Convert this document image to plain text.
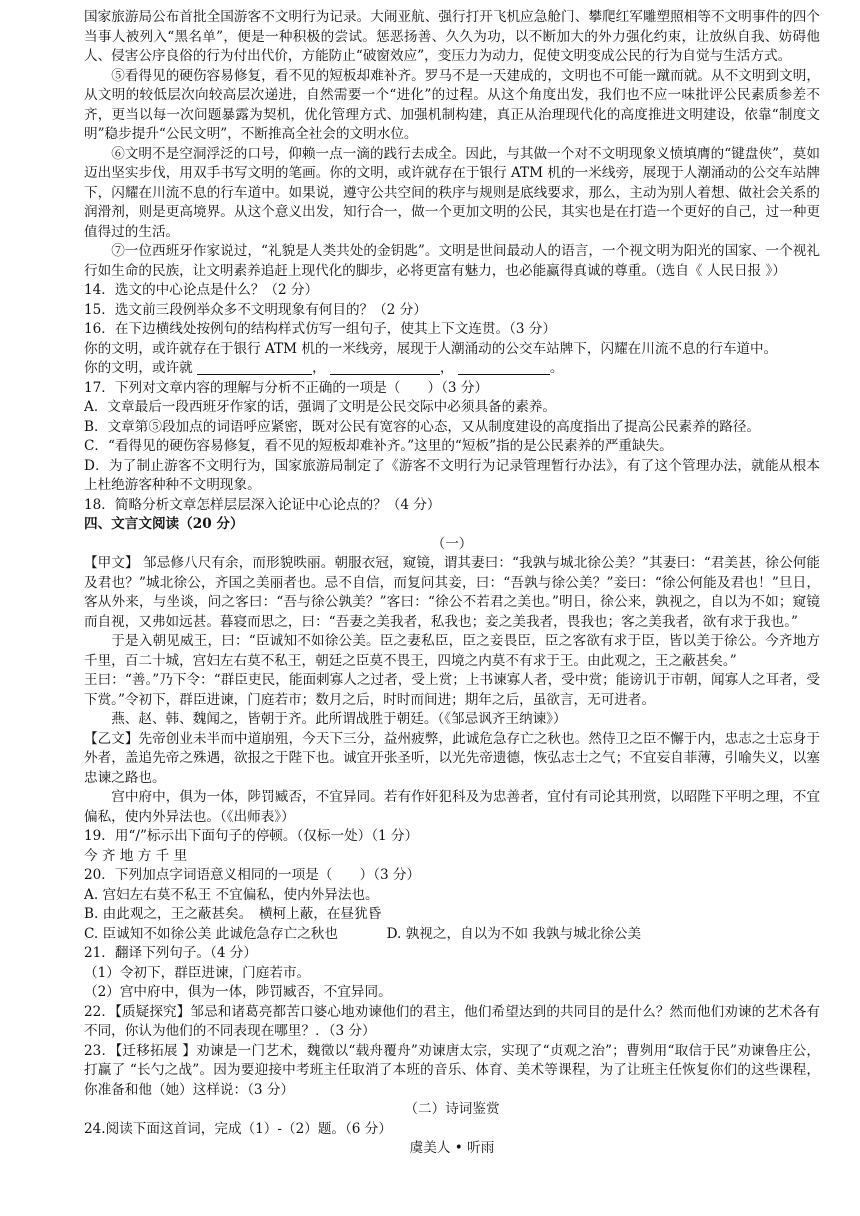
国家旅游局公布首批全国游客不文明行为记录。大闹亚航、强行打开飞机应急舱门、攀爬红军雕塑照相等不文明事件的四个当事人被列入“黑名单”，便是一种积极的尝试。惩恶扬善、久久为功，以不断加大的外力强化约束，让放纵自我、妨碍他人、侵害公序良俗的行为付出代价，方能防止“破窗效应”，变压力为动力，促使文明变成公民的行为自觉与生活方式。

⑤看得见的硬伤容易修复，看不见的短板却难补齐。罗马不是一天建成的，文明也不可能一蹴而就。从不文明到文明，从文明的较低层次向较高层次递进，自然需要一个“进化”的过程。从这个角度出发，我们也不应一味批评公民素质参差不齐，更当以每一次问题暴露为契机，优化管理方式、加强机制构建，真正从治理现代化的高度推进文明建设，依靠“制度文明”稳步提升“公民文明”，不断推高全社会的文明水位。

⑥文明不是空洞浮泛的口号，仰赖一点一滴的践行去成全。因此，与其做一个对不文明现象义愤填膺的“键盘侠”，莫如迈出坚实步伐，用双手书写文明的笔画。你的文明，或许就存在于银行 ATM 机的一米线旁，展现于人潮涌动的公交车站牌下，闪耀在川流不息的行车道中。如果说，遵守公共空间的秩序与规则是底线要求，那么，主动为别人着想、做社会关系的润滑剂，则是更高境界。从这个意义出发，知行合一，做一个更加文明的公民，其实也是在打造一个更好的自己，过一种更值得过的生活。

⑦一位西班牙作家说过，“礼貌是人类共处的金钥匙”。文明是世间最动人的语言，一个视文明为阳光的国家、一个视礼行如生命的民族，让文明素养追赶上现代化的脚步，必将更富有魅力，也必能赢得真诚的尊重。（选自《 人民日报 》）

14．选文的中心论点是什么？（2 分）

15．选文前三段例举众多不文明现象有何目的？（2 分）

16．在下边横线处按例句的结构样式仿写一组句子，使其上下文连贯。（3 分）

你的文明，或许就存在于银行 ATM 机的一米线旁，展现于人潮涌动的公交车站牌下，闪耀在川流不息的行车道中。

你的文明，或许就	，	，	。

17．下列对文章内容的理解与分析不正确的一项是（　　）（3 分）

A．文章最后一段西班牙作家的话，强调了文明是公民交际中必须具备的素养。

B．文章第⑤段加点的词语呼应紧密，既对公民有宽容的心态，又从制度建设的高度指出了提高公民素养的路径。

C．“看得见的硬伤容易修复，看不见的短板却难补齐。”这里的“短板”指的是公民素养的严重缺失。

D．为了制止游客不文明行为，国家旅游局制定了《游客不文明行为记录管理暂行办法》，有了这个管理办法，就能从根本上杜绝游客种种不文明现象。

18．简略分析文章怎样层层深入论证中心论点的？（4 分）

四、文言文阅读（20 分）

（一）

【甲文】 邹忌修八尺有余，而形貌昳丽。朝服衣冠，窥镜，谓其妻曰：“我孰与城北徐公美？”其妻曰：“君美甚，徐公何能及君也？”城北徐公，齐国之美丽者也。忌不自信，而复问其妾，曰：“吾孰与徐公美？”妾曰：“徐公何能及君也！”旦日，客从外来，与坐谈，问之客曰：“吾与徐公孰美？”客曰：“徐公不若君之美也。”明日，徐公来，孰视之，自以为不如；窥镜而自视，又弗如远甚。暮寝而思之，曰：“吾妻之美我者，私我也；妾之美我者，畏我也；客之美我者，欲有求于我也。”

于是入朝见威王，曰：“臣诚知不如徐公美。臣之妻私臣，臣之妾畏臣，臣之客欲有求于臣，皆以美于徐公。今齐地方千里，百二十城，宫妇左右莫不私王，朝廷之臣莫不畏王，四境之内莫不有求于王。由此观之，王之蔽甚矣。”

王曰：“善。”乃下令：“群臣吏民，能面刺寡人之过者，受上赏；上书谏寡人者，受中赏；能谤讥于市朝，闻寡人之耳者，受下赏。”令初下，群臣进谏，门庭若市；数月之后，时时而间进；期年之后，虽欲言，无可进者。

燕、赵、韩、魏闻之，皆朝于齐。此所谓战胜于朝廷。（《邹忌讽齐王纳谏》）

【乙文】先帝创业未半而中道崩殂，今天下三分，益州疲弊，此诚危急存亡之秋也。然侍卫之臣不懈于内，忠志之士忘身于外者，盖追先帝之殊遇，欲报之于陛下也。诚宜开张圣听，以光先帝遗德，恢弘志士之气；不宜妄自菲薄，引喻失义，以塞忠谏之路也。

宫中府中，俱为一体，陟罚臧否，不宜异同。若有作奸犯科及为忠善者，宜付有司论其刑赏，以昭陛下平明之理，不宜偏私，使内外异法也。（《出师表》）

19．用“/”标示出下面句子的停顿。（仅标一处）（1 分）

今 齐 地 方 千 里

20．下列加点字词语意义相同的一项是（　　）（3 分）

A. 宫妇左右莫不私王 不宜偏私，使内外异法也。

B. 由此观之，王之蔽甚矣。　横柯上蔽，在昼犹昏

C. 臣诚知不如徐公美 此诚危急存亡之秋也	D. 孰视之，自以为不如 我孰与城北徐公美

21．翻译下列句子。（4 分）

（1）令初下，群臣进谏，门庭若市。

（2）宫中府中，俱为一体，陟罚臧否，不宜异同。

22．【质疑探究】邹忌和诸葛亮都苦口婆心地劝谏他们的君主，他们希望达到的共同目的是什么？然而他们劝谏的艺术各有不同，你认为他们的不同表现在哪里？．（3 分）

23．【迁移拓展 】劝谏是一门艺术，魏徵以“载舟覆舟”劝谏唐太宗，实现了“贞观之治”；曹刿用“取信于民”劝谏鲁庄公，打赢了 “长勺之战”。因为要迎接中考班主任取消了本班的音乐、体育、美术等课程，为了让班主任恢复你们的这些课程，你准备和他（她）这样说：（3 分）

（二）诗词鉴赏

24.阅读下面这首词，完成（1）-（2）题。（6 分）

虞美人 • 听雨
